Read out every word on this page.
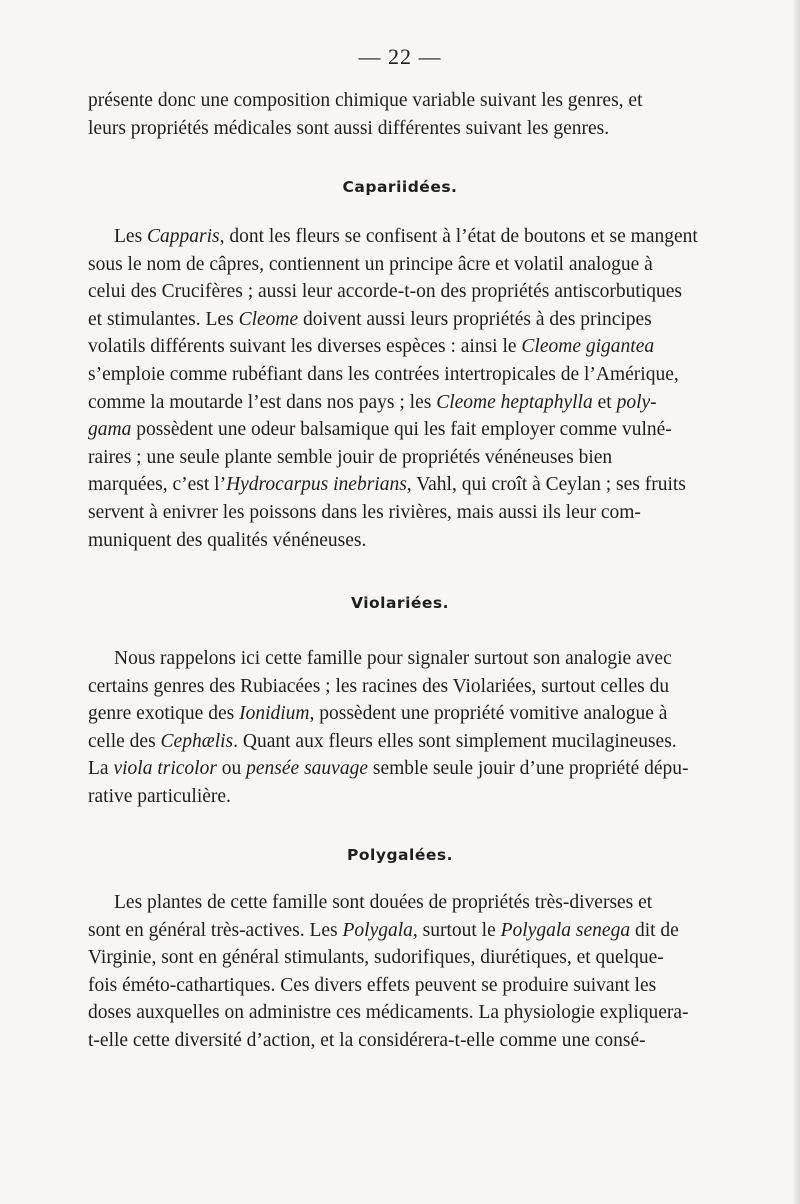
— 22 —
présente donc une composition chimique variable suivant les genres, et
leurs propriétés médicales sont aussi différentes suivant les genres.
Capariidées.
Les Capparis, dont les fleurs se confisent à l’état de boutons et se mangent
sous le nom de câpres, contiennent un principe âcre et volatil analogue à
celui des Crucifères ; aussi leur accorde-t-on des propriétés antiscorbutiques
et stimulantes. Les Cleome doivent aussi leurs propriétés à des principes
volatils différents suivant les diverses espèces : ainsi le Cleome gigantea
s’emploie comme rubéfiant dans les contrées intertropicales de l’Amérique,
comme la moutarde l’est dans nos pays ; les Cleome heptaphylla et poly-
gama possèdent une odeur balsamique qui les fait employer comme vulné-
raires ; une seule plante semble jouir de propriétés vénéneuses bien
marquées, c’est l’Hydrocarpus inebrians, Vahl, qui croît à Ceylan ; ses fruits
servent à enivrer les poissons dans les rivières, mais aussi ils leur com-
muniquent des qualités vénéneuses.
Violariées.
Nous rappelons ici cette famille pour signaler surtout son analogie avec
certains genres des Rubiacées ; les racines des Violariées, surtout celles du
genre exotique des Ionidium, possèdent une propriété vomitive analogue à
celle des Cephælis. Quant aux fleurs elles sont simplement mucilagineuses.
La viola tricolor ou pensée sauvage semble seule jouir d’une propriété dépu-
rative particulière.
Polygalées.
Les plantes de cette famille sont douées de propriétés très-diverses et
sont en général très-actives. Les Polygala, surtout le Polygala senega dit de
Virginie, sont en général stimulants, sudorifiques, diurétiques, et quelque-
fois éméto-cathartiques. Ces divers effets peuvent se produire suivant les
doses auxquelles on administre ces médicaments. La physiologie expliquera-
t-elle cette diversité d’action, et la considérera-t-elle comme une consé-
